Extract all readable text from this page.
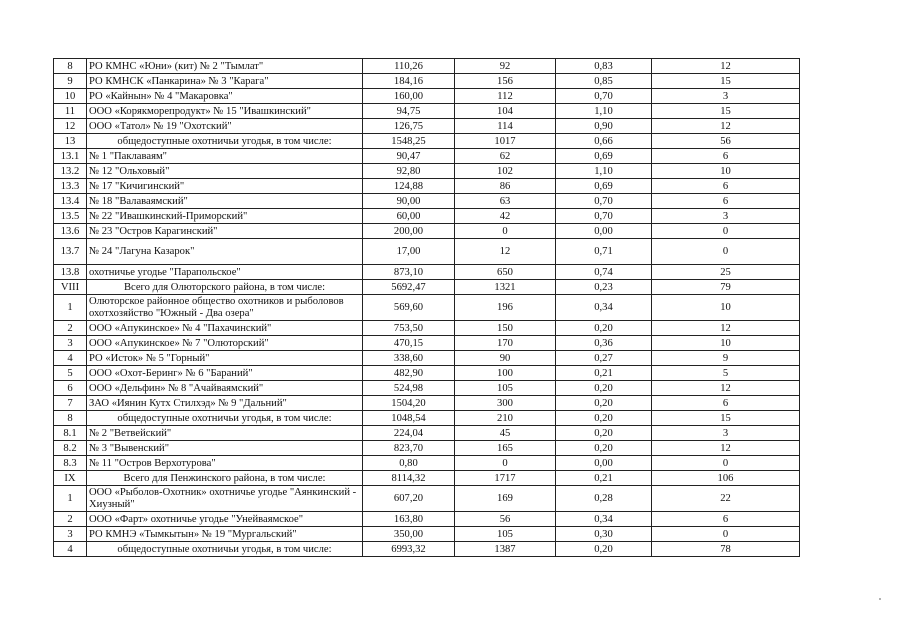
8	РО КМНС «Юни» (кит) № 2 "Тымлат"	110,26	92	0,83	12
9	РО КМНСК «Панкарина» № 3 "Карага"	184,16	156	0,85	15
10	РО «Кайнын» № 4 "Макаровка"	160,00	112	0,70	3
11	ООО «Корякморепродукт» № 15 "Ивашкинский"	94,75	104	1,10	15
12	ООО «Татол» № 19 "Охотский"	126,75	114	0,90	12
13	общедоступные охотничьи угодья, в том числе:	1548,25	1017	0,66	56
13.1	№ 1 "Паклаваям"	90,47	62	0,69	6
13.2	№ 12 "Ольховый"	92,80	102	1,10	10
13.3	№ 17 "Кичигинский"	124,88	86	0,69	6
13.4	№ 18 "Валаваямский"	90,00	63	0,70	6
13.5	№ 22 "Ивашкинский-Приморский"	60,00	42	0,70	3
13.6	№ 23 "Остров Карагинский"	200,00	0	0,00	0
13.7	№ 24 "Лагуна Казарок"	17,00	12	0,71	0
13.8	охотничье угодье "Парапольское"	873,10	650	0,74	25
VIII	Всего для Олюторского района, в том числе:	5692,47	1321	0,23	79
1	Олюторское районное общество охотников и рыболовов охотхозяйство "Южный - Два озера"	569,60	196	0,34	10
2	ООО «Апукинское» № 4 "Пахачинский"	753,50	150	0,20	12
3	ООО «Апукинское» № 7 "Олюторский"	470,15	170	0,36	10
4	РО «Исток» № 5 "Горный"	338,60	90	0,27	9
5	ООО «Охот-Беринг» № 6 "Бараний"	482,90	100	0,21	5
6	ООО «Дельфин» № 8 "Ачайваямский"	524,98	105	0,20	12
7	ЗАО «Иянин Кутх Стилхэд» № 9 "Дальний"	1504,20	300	0,20	6
8	общедоступные охотничьи угодья, в том числе:	1048,54	210	0,20	15
8.1	№ 2 "Ветвейский"	224,04	45	0,20	3
8.2	№ 3 "Вывенский"	823,70	165	0,20	12
8.3	№ 11 "Остров Верхотурова"	0,80	0	0,00	0
IX	Всего для Пенжинского района, в том числе:	8114,32	1717	0,21	106
1	ООО «Рыболов-Охотник» охотничье угодье "Аянкинский - Хиузный"	607,20	169	0,28	22
2	ООО «Фарт» охотничье угодье "Унейваямское"	163,80	56	0,34	6
3	РО КМНЭ «Тымкытын» № 19 "Мургальский"	350,00	105	0,30	0
4	общедоступные охотничьи угодья, в том числе:	6993,32	1387	0,20	78
